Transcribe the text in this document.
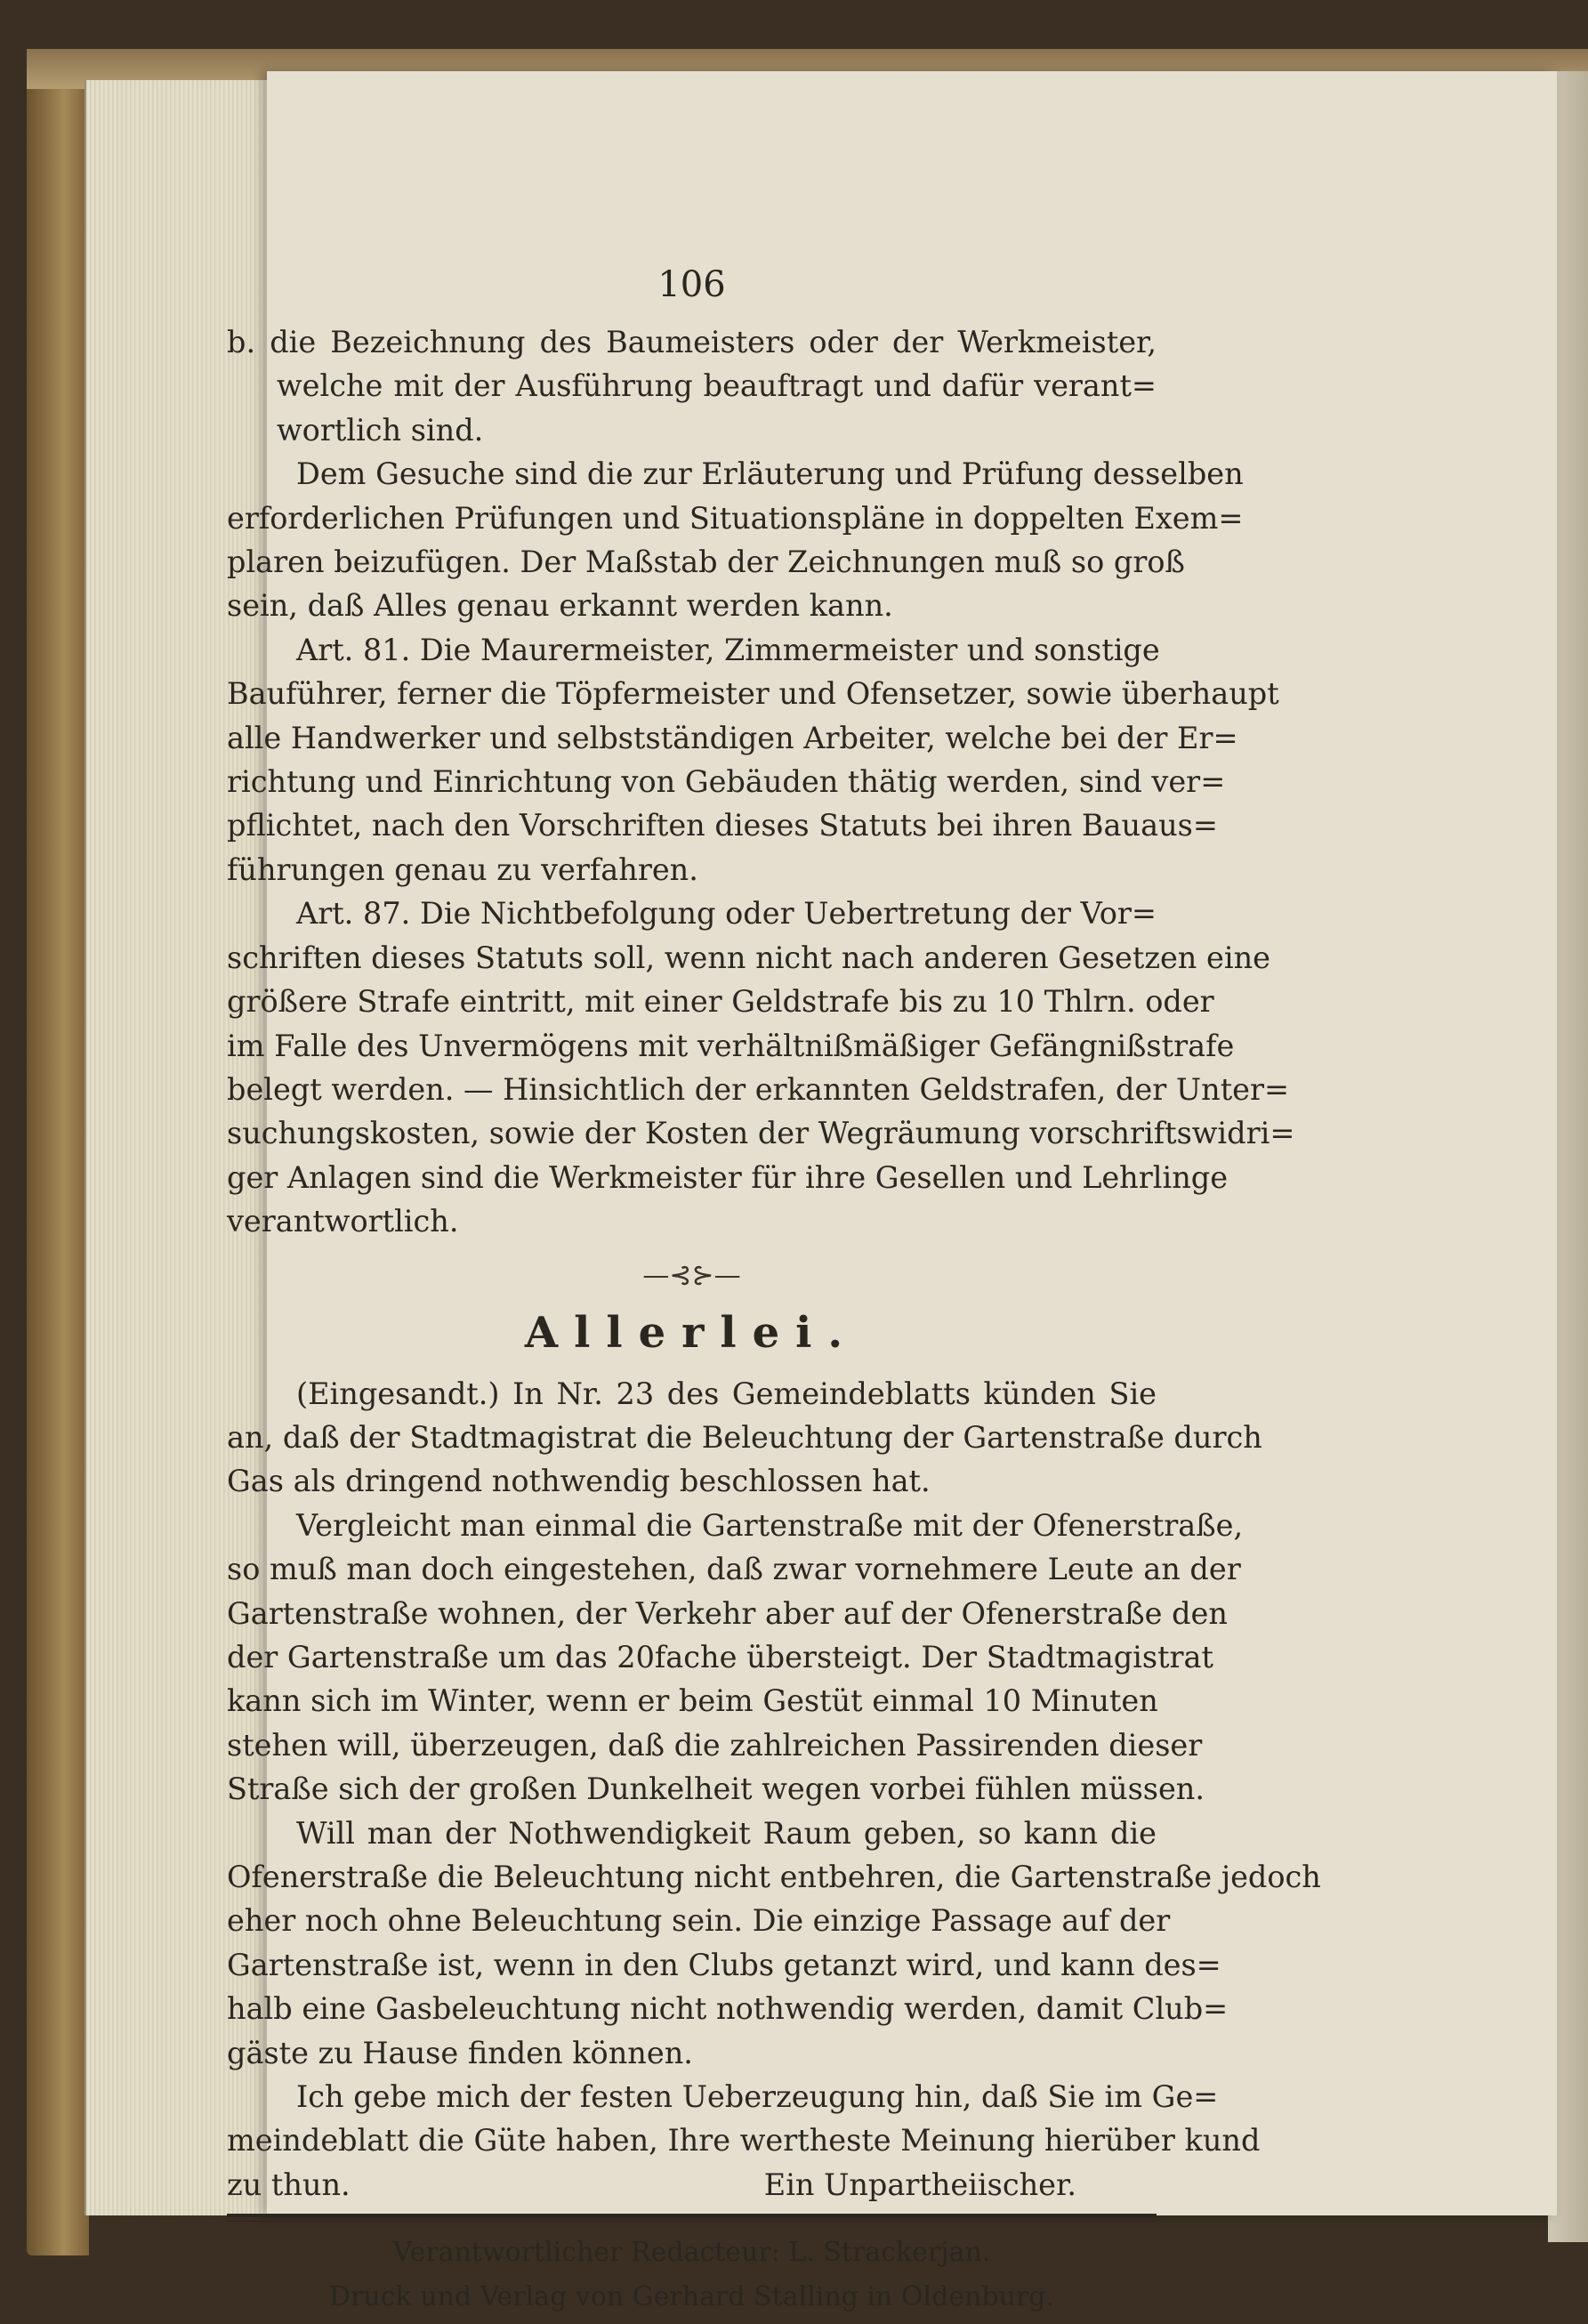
106
b. die Bezeichnung des Baumeisters oder der Werkmeister,
welche mit der Ausführung beauftragt und dafür verant=
wortlich sind.
Dem Gesuche sind die zur Erläuterung und Prüfung desselben
erforderlichen Prüfungen und Situationspläne in doppelten Exem=
plaren beizufügen. Der Maßstab der Zeichnungen muß so groß
sein, daß Alles genau erkannt werden kann.
Art. 81. Die Maurermeister, Zimmermeister und sonstige
Bauführer, ferner die Töpfermeister und Ofensetzer, sowie überhaupt
alle Handwerker und selbstständigen Arbeiter, welche bei der Er=
richtung und Einrichtung von Gebäuden thätig werden, sind ver=
pflichtet, nach den Vorschriften dieses Statuts bei ihren Bauaus=
führungen genau zu verfahren.
Art. 87. Die Nichtbefolgung oder Uebertretung der Vor=
schriften dieses Statuts soll, wenn nicht nach anderen Gesetzen eine
größere Strafe eintritt, mit einer Geldstrafe bis zu 10 Thlrn. oder
im Falle des Unvermögens mit verhältnißmäßiger Gefängnißstrafe
belegt werden. — Hinsichtlich der erkannten Geldstrafen, der Unter=
suchungskosten, sowie der Kosten der Wegräumung vorschriftswidri=
ger Anlagen sind die Werkmeister für ihre Gesellen und Lehrlinge
verantwortlich.
—⊰⊱—
Allerlei.
(Eingesandt.) In Nr. 23 des Gemeindeblatts künden Sie
an, daß der Stadtmagistrat die Beleuchtung der Gartenstraße durch
Gas als dringend nothwendig beschlossen hat.
Vergleicht man einmal die Gartenstraße mit der Ofenerstraße,
so muß man doch eingestehen, daß zwar vornehmere Leute an der
Gartenstraße wohnen, der Verkehr aber auf der Ofenerstraße den
der Gartenstraße um das 20fache übersteigt. Der Stadtmagistrat
kann sich im Winter, wenn er beim Gestüt einmal 10 Minuten
stehen will, überzeugen, daß die zahlreichen Passirenden dieser
Straße sich der großen Dunkelheit wegen vorbei fühlen müssen.
Will man der Nothwendigkeit Raum geben, so kann die
Ofenerstraße die Beleuchtung nicht entbehren, die Gartenstraße jedoch
eher noch ohne Beleuchtung sein. Die einzige Passage auf der
Gartenstraße ist, wenn in den Clubs getanzt wird, und kann des=
halb eine Gasbeleuchtung nicht nothwendig werden, damit Club=
gäste zu Hause finden können.
Ich gebe mich der festen Ueberzeugung hin, daß Sie im Ge=
meindeblatt die Güte haben, Ihre wertheste Meinung hierüber kund
zu thun.	Ein Unpartheiischer.
Verantwortlicher Redacteur: L. Strackerjan.
Druck und Verlag von Gerhard Stalling in Oldenburg.
